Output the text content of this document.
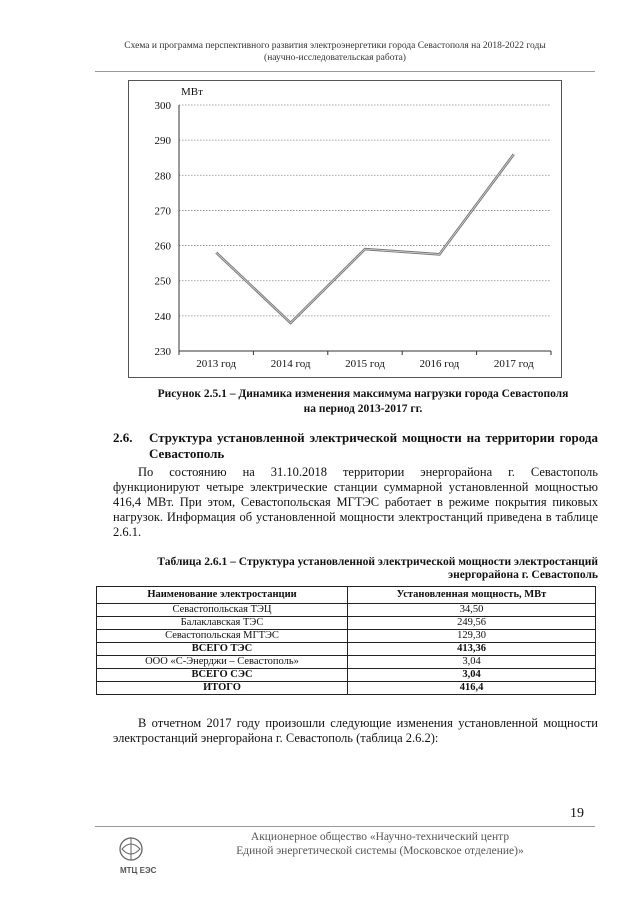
Схема и программа перспективного развития электроэнергетики города Севастополя на 2018-2022 годы
(научно-исследовательская работа)
230
240
250
260
270
280
290
300
2013 год	2014 год	2015 год	2016 год	2017 год
МВт
Рисунок 2.5.1 – Динамика изменения максимума нагрузки города Севастополя
на период 2013-2017 гг.
2.6. Структура установленной электрической мощности на территории города Севастополь
По состоянию на 31.10.2018 территории энергорайона г. Севастополь функционируют четыре электрические станции суммарной установленной мощностью 416,4 МВт. При этом, Севастопольская МГТЭС работает в режиме покрытия пиковых нагрузок. Информация об установленной мощности электростанций приведена в таблице 2.6.1.
Таблица 2.6.1 – Структура установленной электрической мощности электростанций
энергорайона г. Севастополь
Наименование электростанции	Установленная мощность, МВт
Севастопольская ТЭЦ	34,50
Балаклавская ТЭС	249,56
Севастопольская МГТЭС	129,30
ВСЕГО ТЭС	413,36
ООО «С-Энерджи – Севастополь»	3,04
ВСЕГО СЭС	3,04
ИТОГО	416,4
В отчетном 2017 году произошли следующие изменения установленной мощности электростанций энергорайона г. Севастополь (таблица 2.6.2):
19
МТЦ ЕЭС
Акционерное общество «Научно-технический центр
Единой энергетической системы (Московское отделение)»
